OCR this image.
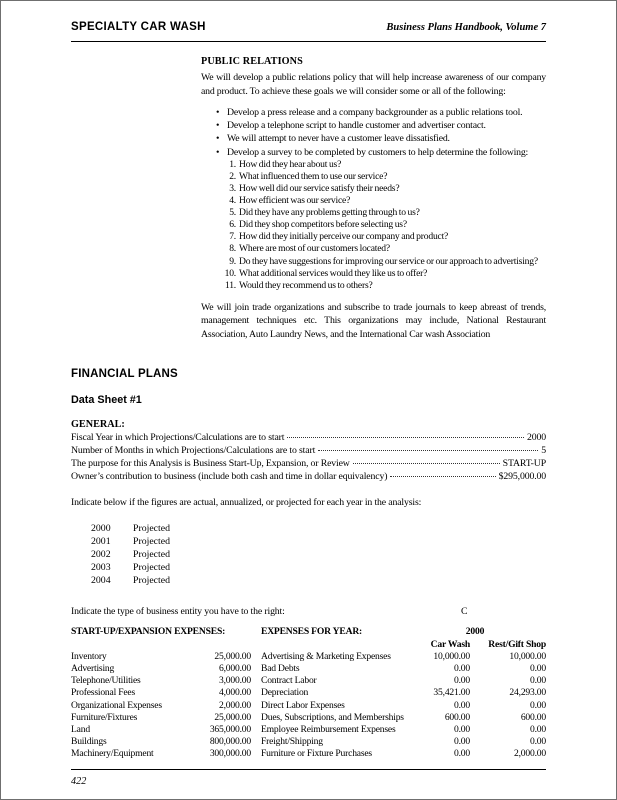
SPECIALTY CAR WASH	Business Plans Handbook, Volume 7
PUBLIC RELATIONS

We will develop a public relations policy that will help increase awareness of our company and product. To achieve these goals we will consider some or all of the following:

• Develop a press release and a company backgrounder as a public relations tool.
• Develop a telephone script to handle customer and advertiser contact.
• We will attempt to never have a customer leave dissatisfied.
• Develop a survey to be completed by customers to help determine the following:
1. How did they hear about us?
2. What influenced them to use our service?
3. How well did our service satisfy their needs?
4. How efficient was our service?
5. Did they have any problems getting through to us?
6. Did they shop competitors before selecting us?
7. How did they initially perceive our company and product?
8. Where are most of our customers located?
9. Do they have suggestions for improving our service or our approach to advertising?
10. What additional services would they like us to offer?
11. Would they recommend us to others?

We will join trade organizations and subscribe to trade journals to keep abreast of trends, management techniques etc. This organizations may include, National Restaurant Association, Auto Laundry News, and the International Car wash Association

FINANCIAL PLANS
Data Sheet #1
GENERAL:
Fiscal Year in which Projections/Calculations are to start	2000
Number of Months in which Projections/Calculations are to start	5
The purpose for this Analysis is Business Start-Up, Expansion, or Review	START-UP
Owner’s contribution to business (include both cash and time in dollar equivalency)	$295,000.00
Indicate below if the figures are actual, annualized, or projected for each year in the analysis:
2000	Projected
2001	Projected
2002	Projected
2003	Projected
2004	Projected
Indicate the type of business entity you have to the right:	C
START-UP/EXPANSION EXPENSES:
Inventory	25,000.00
Advertising	6,000.00
Telephone/Utilities	3,000.00
Professional Fees	4,000.00
Organizational Expenses	2,000.00
Furniture/Fixtures	25,000.00
Land	365,000.00
Buildings	800,000.00
Machinery/Equipment	300,000.00
EXPENSES FOR YEAR:	2000
Car Wash	Rest/Gift Shop
Advertising & Marketing Expenses	10,000.00	10,000.00
Bad Debts	0.00	0.00
Contract Labor	0.00	0.00
Depreciation	35,421.00	24,293.00
Direct Labor Expenses	0.00	0.00
Dues, Subscriptions, and Memberships	600.00	600.00
Employee Reimbursement Expenses	0.00	0.00
Freight/Shipping	0.00	0.00
Furniture or Fixture Purchases	0.00	2,000.00
422
